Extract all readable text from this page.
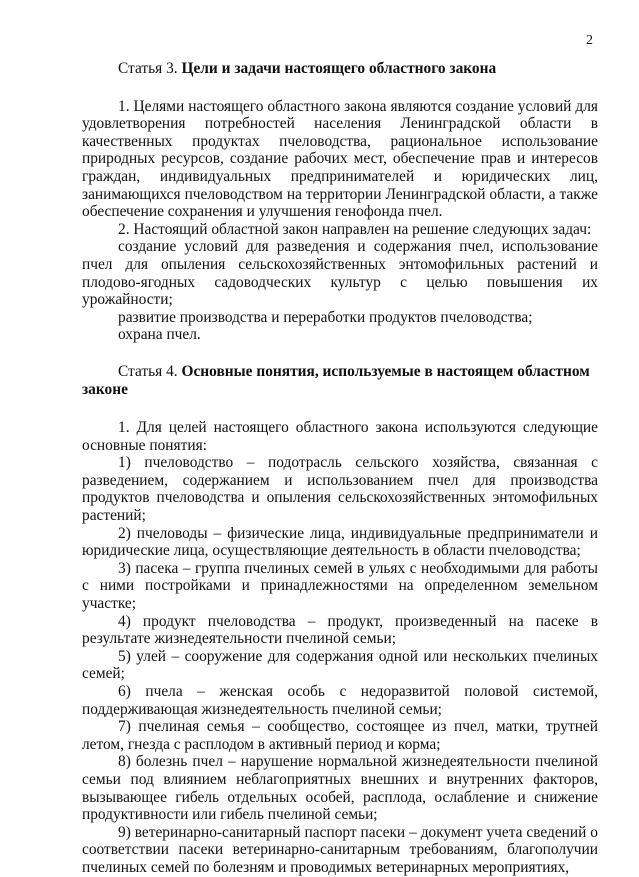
2
Статья 3. Цели и задачи настоящего областного закона

1. Целями настоящего областного закона являются создание условий для удовлетворения потребностей населения Ленинградской области в качественных продуктах пчеловодства, рациональное использование природных ресурсов, создание рабочих мест, обеспечение прав и интересов граждан, индивидуальных предпринимателей и юридических лиц, занимающихся пчеловодством на территории Ленинградской области, а также обеспечение сохранения и улучшения генофонда пчел.

2. Настоящий областной закон направлен на решение следующих задач:

создание условий для разведения и содержания пчел, использование пчел для опыления сельскохозяйственных энтомофильных растений и плодово-ягодных садоводческих культур с целью повышения их урожайности;

развитие производства и переработки продуктов пчеловодства;

охрана пчел.

Статья 4. Основные понятия, используемые в настоящем областном законе

1. Для целей настоящего областного закона используются следующие основные понятия:

1) пчеловодство – подотрасль сельского хозяйства, связанная с разведением, содержанием и использованием пчел для производства продуктов пчеловодства и опыления сельскохозяйственных энтомофильных растений;

2) пчеловоды – физические лица, индивидуальные предприниматели и юридические лица, осуществляющие деятельность в области пчеловодства;

3) пасека – группа пчелиных семей в ульях с необходимыми для работы с ними постройками и принадлежностями на определенном земельном участке;

4) продукт пчеловодства – продукт, произведенный на пасеке в результате жизнедеятельности пчелиной семьи;

5) улей – сооружение для содержания одной или нескольких пчелиных семей;

6) пчела – женская особь с недоразвитой половой системой, поддерживающая жизнедеятельность пчелиной семьи;

7) пчелиная семья – сообщество, состоящее из пчел, матки, трутней летом, гнезда с расплодом в активный период и корма;

8) болезнь пчел – нарушение нормальной жизнедеятельности пчелиной семьи под влиянием неблагоприятных внешних и внутренних факторов, вызывающее гибель отдельных особей, расплода, ослабление и снижение продуктивности или гибель пчелиной семьи;

9) ветеринарно-санитарный паспорт пасеки – документ учета сведений о соответствии пасеки ветеринарно-санитарным требованиям, благополучии пчелиных семей по болезням и проводимых ветеринарных мероприятиях,
